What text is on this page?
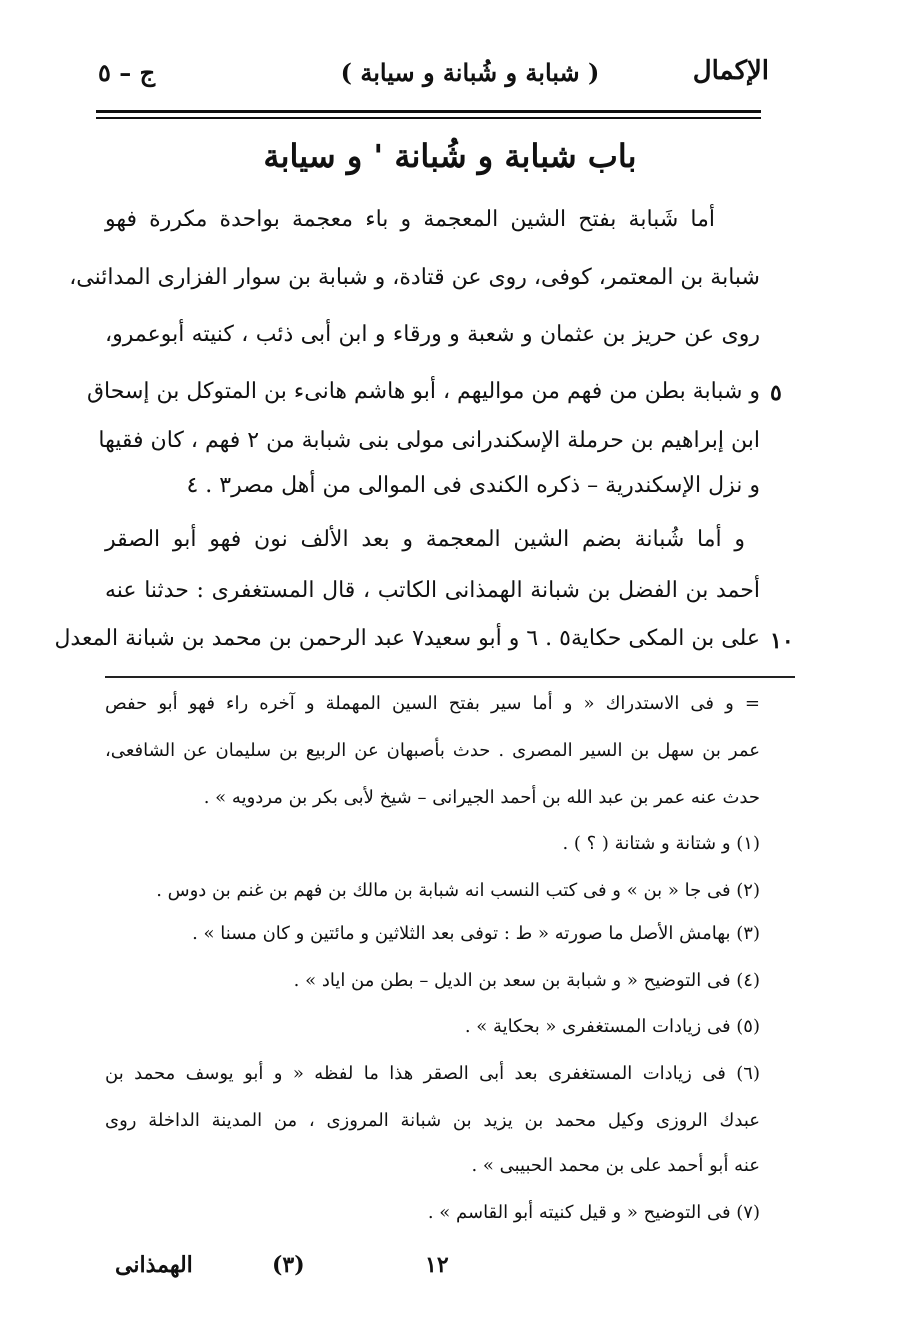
ج – ٥	( شبابة و شُبانة و سيابة )	الإكمال
باب شبابة و شُبانة ' و سيابة
أما شَبابة بفتح الشين المعجمة و باء معجمة بواحدة مكررة فهو
شبابة بن المعتمر، كوفى، روى عن قتادة، و شبابة بن سوار الفزارى المدائنى،
روى عن حريز بن عثمان و شعبة و ورقاء و ابن أبى ذئب ، كنيته أبوعمرو،
و شبابة بطن من فهم من مواليهم ، أبو هاشم هانىء بن المتوكل بن إسحاق
ابن إبراهيم بن حرملة الإسكندرانى مولى بنى شبابة من ٢ فهم ، كان فقيها
و نزل الإسكندرية – ذكره الكندى فى الموالى من أهل مصر٣ . ٤
و أما شُبانة بضم الشين المعجمة و بعد الألف نون فهو أبو الصقر
أحمد بن الفضل بن شبانة الهمذانى الكاتب ، قال المستغفرى : حدثنا عنه
على بن المكى حكاية٥ . ٦ و أبو سعيد٧ عبد الرحمن بن محمد بن شبانة المعدل
٥
١٠
= و فى الاستدراك « و أما سير بفتح السين المهملة و آخره راء فهو أبو حفص
عمر بن سهل بن السير المصرى . حدث بأصبهان عن الربيع بن سليمان عن الشافعى،
حدث عنه عمر بن عبد الله بن أحمد الجيرانى – شيخ لأبى بكر بن مردويه » .
(١) و شتانة و شتانة ( ؟ ) .
(٢) فى جا « بن » و فى كتب النسب انه شبابة بن مالك بن فهم بن غنم بن دوس .
(٣) بهامش الأصل ما صورته « ط : توفى بعد الثلاثين و مائتين و كان مسنا » .
(٤) فى التوضيح « و شبابة بن سعد بن الديل – بطن من اياد » .
(٥) فى زيادات المستغفرى « بحكاية » .
(٦) فى زيادات المستغفرى بعد أبى الصقر هذا ما لفظه « و أبو يوسف محمد بن
عبدك الروزى وكيل محمد بن يزيد بن شبانة المروزى ، من المدينة الداخلة روى
عنه أبو أحمد على بن محمد الحبيبى » .
(٧) فى التوضيح « و قيل كنيته أبو القاسم » .
الهمذانى	(٣)	١٢
